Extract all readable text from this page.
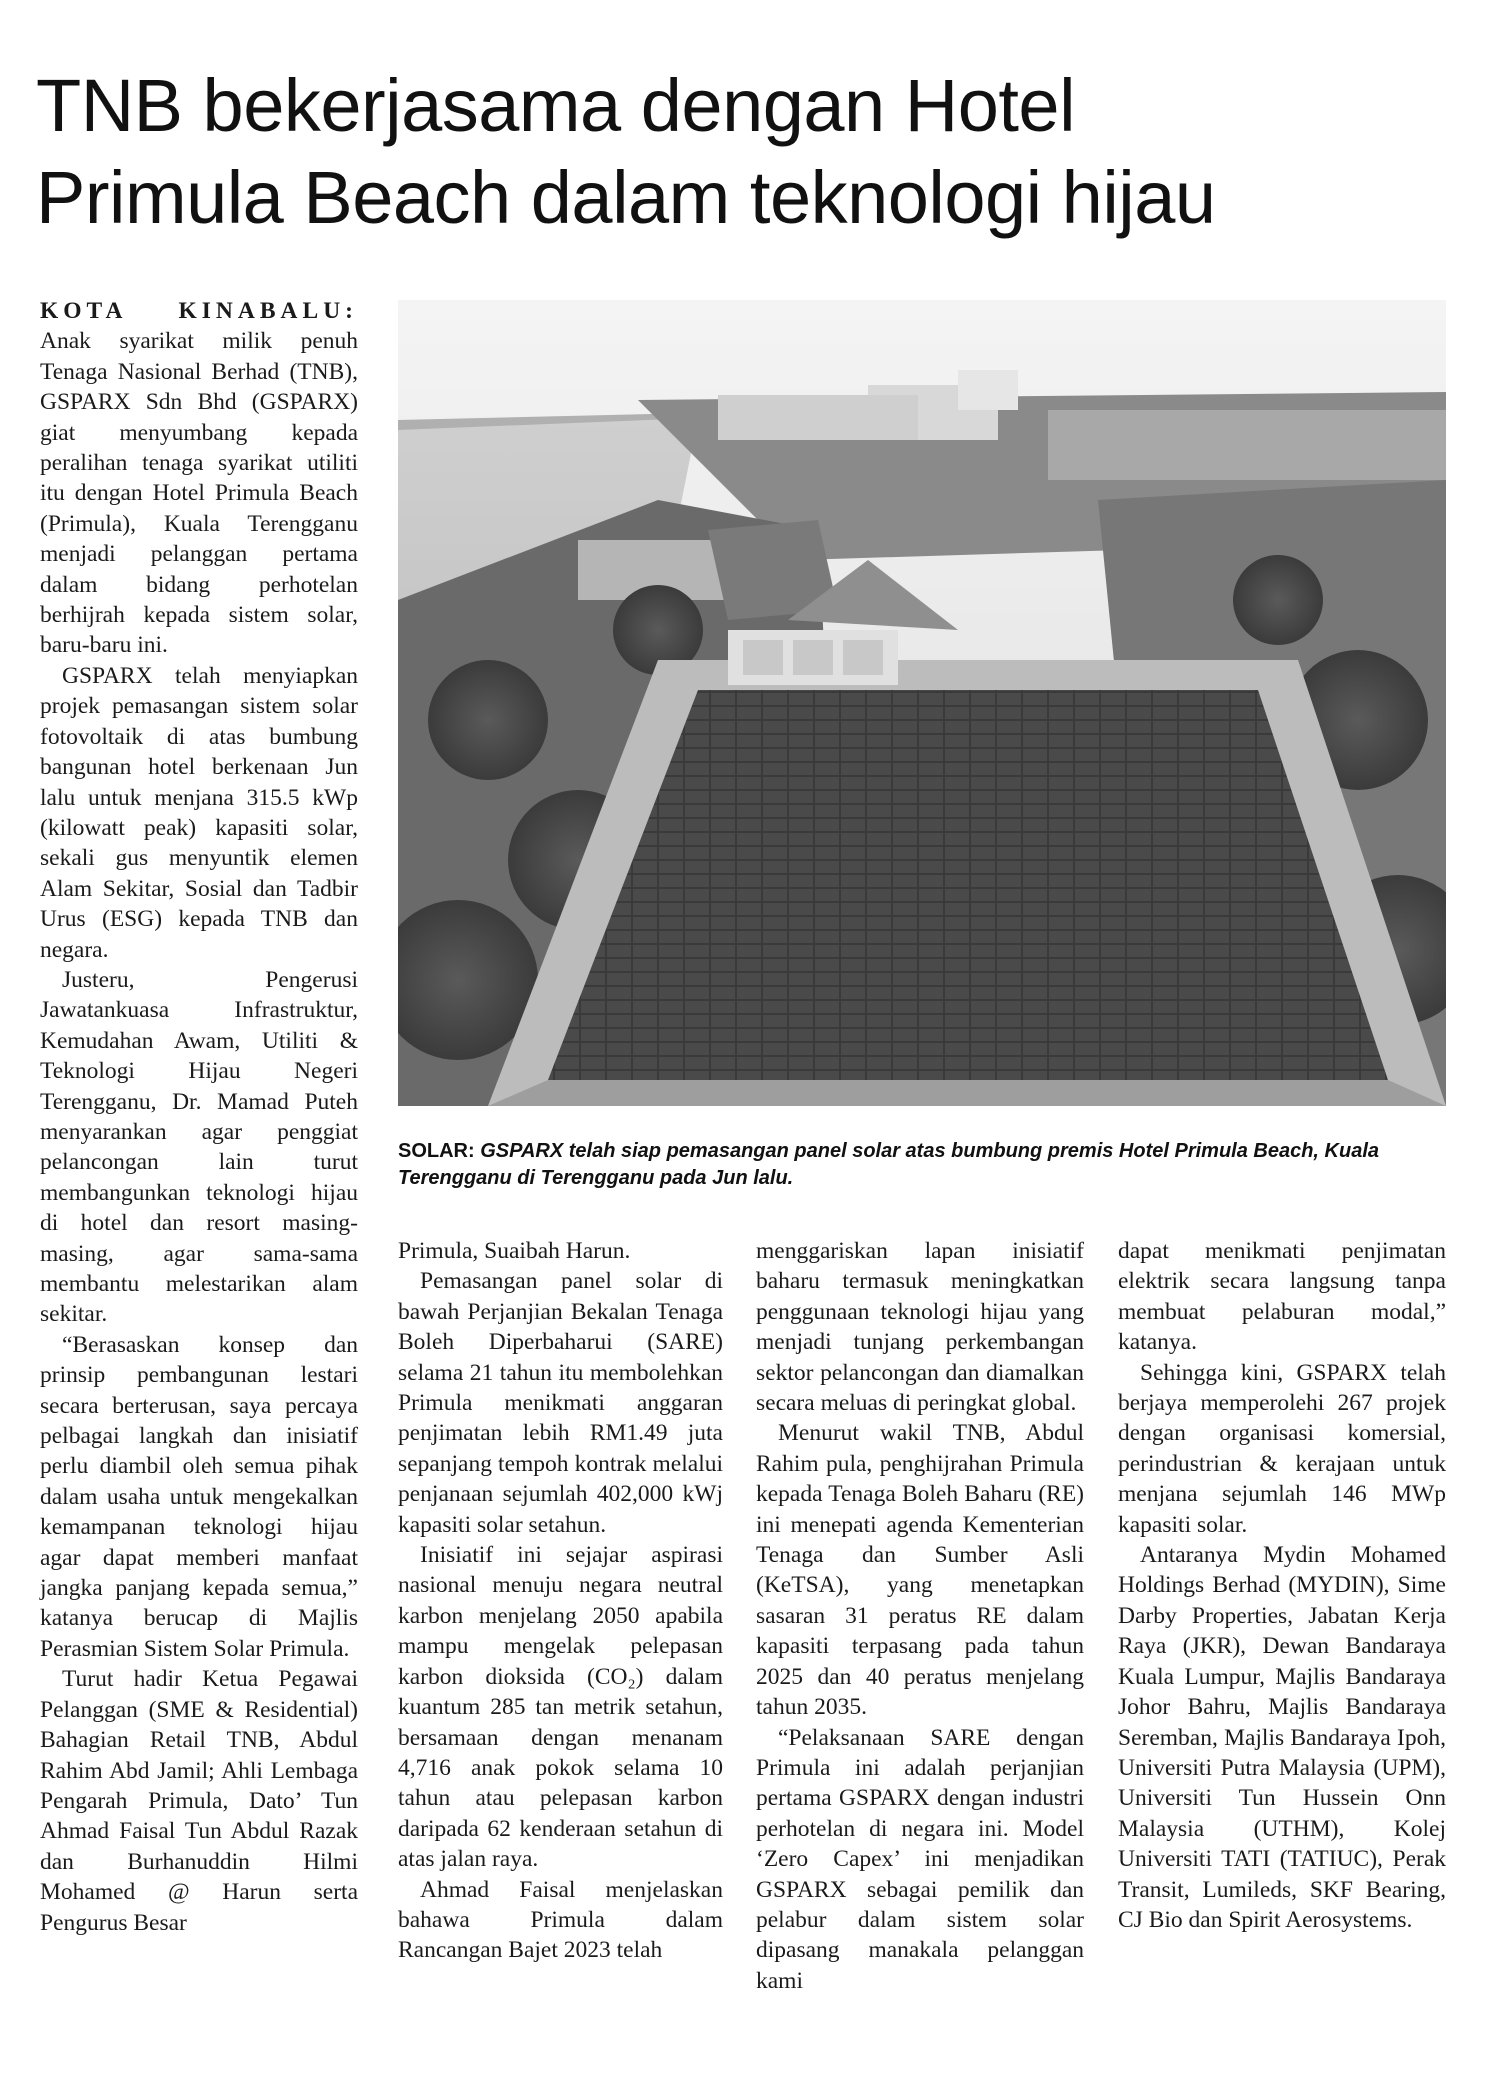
TNB bekerjasama dengan Hotel
Primula Beach dalam teknologi hijau

KOTA KINABALU: Anak syarikat milik penuh Tenaga Nasional Berhad (TNB), GSPARX Sdn Bhd (GSPARX) giat menyumbang kepada peralihan tenaga syarikat utiliti itu dengan Hotel Primula Beach (Primula), Kuala Terengganu menjadi pelanggan pertama dalam bidang perhotelan berhijrah kepada sistem solar, baru-baru ini.

GSPARX telah menyiapkan projek pemasangan sistem solar fotovoltaik di atas bumbung bangunan hotel berkenaan Jun lalu untuk menjana 315.5 kWp (kilowatt peak) kapasiti solar, sekali gus menyuntik elemen Alam Sekitar, Sosial dan Tadbir Urus (ESG) kepada TNB dan negara.

Justeru, Pengerusi Jawatankuasa Infrastruktur, Kemudahan Awam, Utiliti & Teknologi Hijau Negeri Terengganu, Dr. Mamad Puteh menyarankan agar penggiat pelancongan lain turut membangunkan teknologi hijau di hotel dan resort masing-masing, agar sama-sama membantu melestarikan alam sekitar.

“Berasaskan konsep dan prinsip pembangunan lestari secara berterusan, saya percaya pelbagai langkah dan inisiatif perlu diambil oleh semua pihak dalam usaha untuk mengekalkan kemampanan teknologi hijau agar dapat memberi manfaat jangka panjang kepada semua,” katanya berucap di Majlis Perasmian Sistem Solar Primula.

Turut hadir Ketua Pegawai Pelanggan (SME & Residential) Bahagian Retail TNB, Abdul Rahim Abd Jamil; Ahli Lembaga Pengarah Primula, Dato’ Tun Ahmad Faisal Tun Abdul Razak dan Burhanuddin Hilmi Mohamed @ Harun serta Pengurus Besar

SOLAR: GSPARX telah siap pemasangan panel solar atas bumbung premis Hotel Primula Beach, Kuala Terengganu di Terengganu pada Jun lalu.

Primula, Suaibah Harun.

Pemasangan panel solar di bawah Perjanjian Bekalan Tenaga Boleh Diperbaharui (SARE) selama 21 tahun itu membolehkan Primula menikmati anggaran penjimatan lebih RM1.49 juta sepanjang tempoh kontrak melalui penjanaan sejumlah 402,000 kWj kapasiti solar setahun.

Inisiatif ini sejajar aspirasi nasional menuju negara neutral karbon menjelang 2050 apabila mampu mengelak pelepasan karbon dioksida (CO₂) dalam kuantum 285 tan metrik setahun, bersamaan dengan menanam 4,716 anak pokok selama 10 tahun atau pelepasan karbon daripada 62 kenderaan setahun di atas jalan raya.

Ahmad Faisal menjelaskan bahawa Primula dalam Rancangan Bajet 2023 telah

menggariskan lapan inisiatif baharu termasuk meningkatkan penggunaan teknologi hijau yang menjadi tunjang perkembangan sektor pelancongan dan diamalkan secara meluas di peringkat global.

Menurut wakil TNB, Abdul Rahim pula, penghijrahan Primula kepada Tenaga Boleh Baharu (RE) ini menepati agenda Kementerian Tenaga dan Sumber Asli (KeTSA), yang menetapkan sasaran 31 peratus RE dalam kapasiti terpasang pada tahun 2025 dan 40 peratus menjelang tahun 2035.

“Pelaksanaan SARE dengan Primula ini adalah perjanjian pertama GSPARX dengan industri perhotelan di negara ini. Model ‘Zero Capex’ ini menjadikan GSPARX sebagai pemilik dan pelabur dalam sistem solar dipasang manakala pelanggan kami

dapat menikmati penjimatan elektrik secara langsung tanpa membuat pelaburan modal,” katanya.

Sehingga kini, GSPARX telah berjaya memperolehi 267 projek dengan organisasi komersial, perindustrian & kerajaan untuk menjana sejumlah 146 MWp kapasiti solar.

Antaranya Mydin Mohamed Holdings Berhad (MYDIN), Sime Darby Properties, Jabatan Kerja Raya (JKR), Dewan Bandaraya Kuala Lumpur, Majlis Bandaraya Johor Bahru, Majlis Bandaraya Seremban, Majlis Bandaraya Ipoh, Universiti Putra Malaysia (UPM), Universiti Tun Hussein Onn Malaysia (UTHM), Kolej Universiti TATI (TATIUC), Perak Transit, Lumileds, SKF Bearing, CJ Bio dan Spirit Aerosystems.
